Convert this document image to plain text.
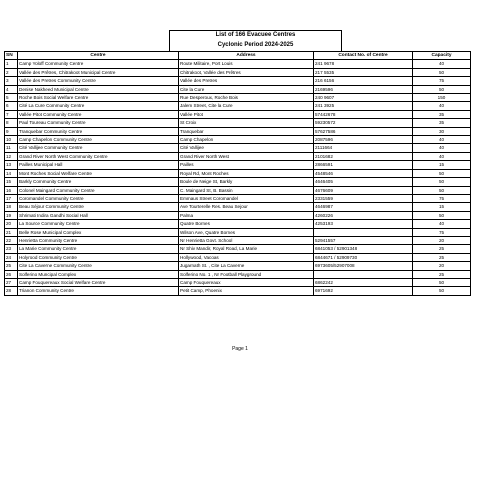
List of 166 Evacuee Centres
Cyclonic Period 2024-2025
SN	Centre	Address	Contact No. of Centre	Capacity
1	Camp Yoloff Community Centre	Route Militaire, Port Louis	241 9678	40
2	Vallée des Prêtres, Chitrakoot Municipal Centre	Chitrakoot, Vallée des Prêtres	217 5535	50
3	Vallée des Pretres Community Centre	Vallée des Pretres	216 6156	75
4	Denise Nakheed Municipal Centre	Cite la Cure	2169596	50
5	Roche Bois Social Welfare Centre	Rue Desperoux, Roche Bois	240 9607	150
6	Cité La Cure Community Centre	Jalem Street, Cite la Cure	241 3925	40
7	Vallée Pitot Community Centre	Vallée Pitot	57442678	35
8	Paul Toureau Community Centre	St Croix	59230572	35
9	Tranquebar Community Centre	Tranquebar	57627586	30
10	Camp Chapelon Community Centre	Camp Chapelon	2087596	40
11	Cité Vallijee Community Centre	Cité Vallijee	2111664	40
12	Grand River North West Community Centre	Grand River North West	2101682	40
13	Pailles Municipal Hall	Pailles	2866591	15
14	Mont Roches Social Welfare Centre	Royal Rd, Mont Roches	4548546	50
15	Barkly Community Centre	Boule de Neige St, Barkly	4646405	50
16	Colonel Maingard Community Centre	C. Maingard St, B. Bassin	4676609	50
17	Coromandel Community Centre	Emmaus Street Coromandel	2331559	75
18	Beau Séjour Community Centre	Ave Tourterelle Res. Beau Sejour	4646987	15
19	Shrimati Indira Gandhi Social Hall	Palma	4260226	50
20	La Source Community Centre	Quatre Bornes	4253193	40
21	Belle Rose Municipal Complex	Wilson Ave, Quatre Bornes		75
22	Henrietta Community Centre	Nr Henrietta Govt. School	52941557	20
23	La Marie Community Centre	Nr Shiv Mandir, Royal Road, La Marie	6841053 / 52901348	25
24	Holyrood Community Centre	Hollywood, Vacoas	6844671 / 52909730	25
25	Cite La Caverne Community Centre	Jugarnath St. , Cite La Caverne	6973605/52907008	20
26	Solferino Muncipal Complex	Solferino No. 1 , Nr Football Playground		25
27	Camp Fouquereaux Social Welfare Centre	Camp Fouquereaux	6862242	50
28	Trianon Community Centre	Petit Camp, Phoenix	6971692	50
Page 1
